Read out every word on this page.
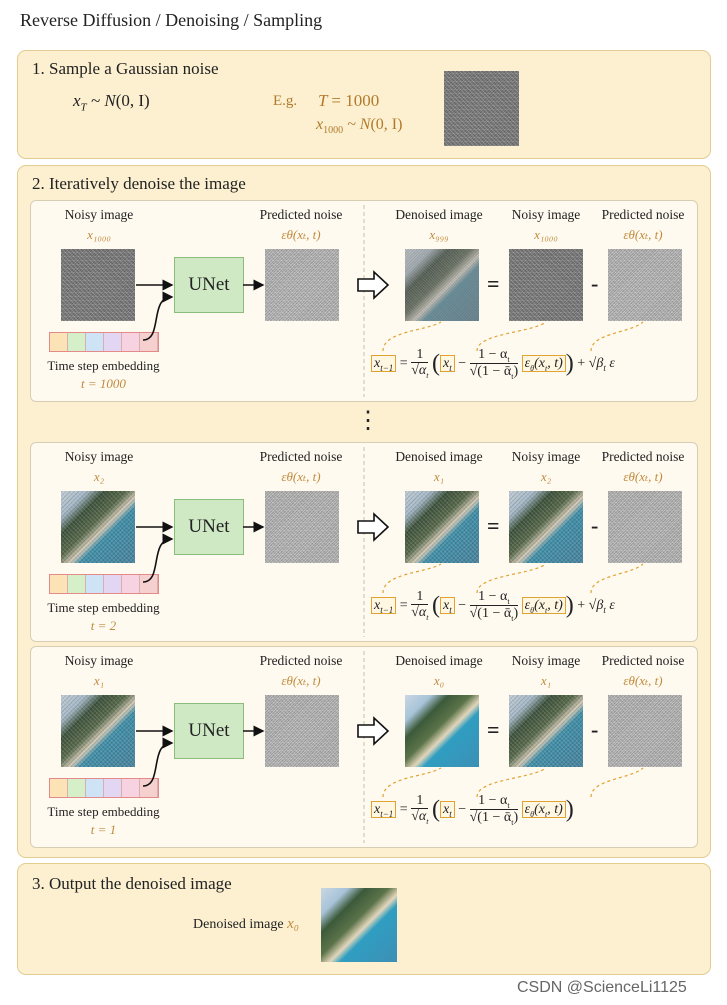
Reverse Diffusion / Denoising / Sampling
1. Sample a Gaussian noise
$x_T$ ~ N(0, I)	E.g. T = 1000
$x_{1000}$ ~ N(0, I)
2. Iteratively denoise the image
⋮
Noisy image
x₁₀₀₀
UNet
Predicted noise
εθ(xₜ, t)
Time step embedding
t = 1000
Denoised image
x₉₉₉
=
Noisy image
x₁₀₀₀
-
Predicted noise
εθ(xₜ, t)
$x_{t-1} = 1$
$√\alpha_t$ ( $x_t - 1 - \alpha_t$
√(1 − ᾱ$_t$) $\varepsilon_\theta(x_t$, t) ) + $√\beta_t$ ε
Noisy image
x₂
UNet
Predicted noise
εθ(xₜ, t)
Time step embedding
t = 2
Denoised image
x₁
=
Noisy image
x₂
-
Predicted noise
εθ(xₜ, t)
$x_{t-1} = 1$
$√\alpha_t$ ( $x_t - 1 - \alpha_t$
√(1 − ᾱ$_t$) $\varepsilon_\theta(x_t$, t) ) + $√\beta_t$ ε
Noisy image
x₁
UNet
Predicted noise
εθ(xₜ, t)
Time step embedding
t = 1
Denoised image
x₀
=
Noisy image
x₁
-
Predicted noise
εθ(xₜ, t)
$x_{t-1} = 1$
$√\alpha_t$ ( $x_t - 1 - \alpha_t$
√(1 − ᾱ$_t$) $\varepsilon_\theta(x_t$, t) )
3. Output the denoised image
Denoised image x₀
CSDN @ScienceLi1125
